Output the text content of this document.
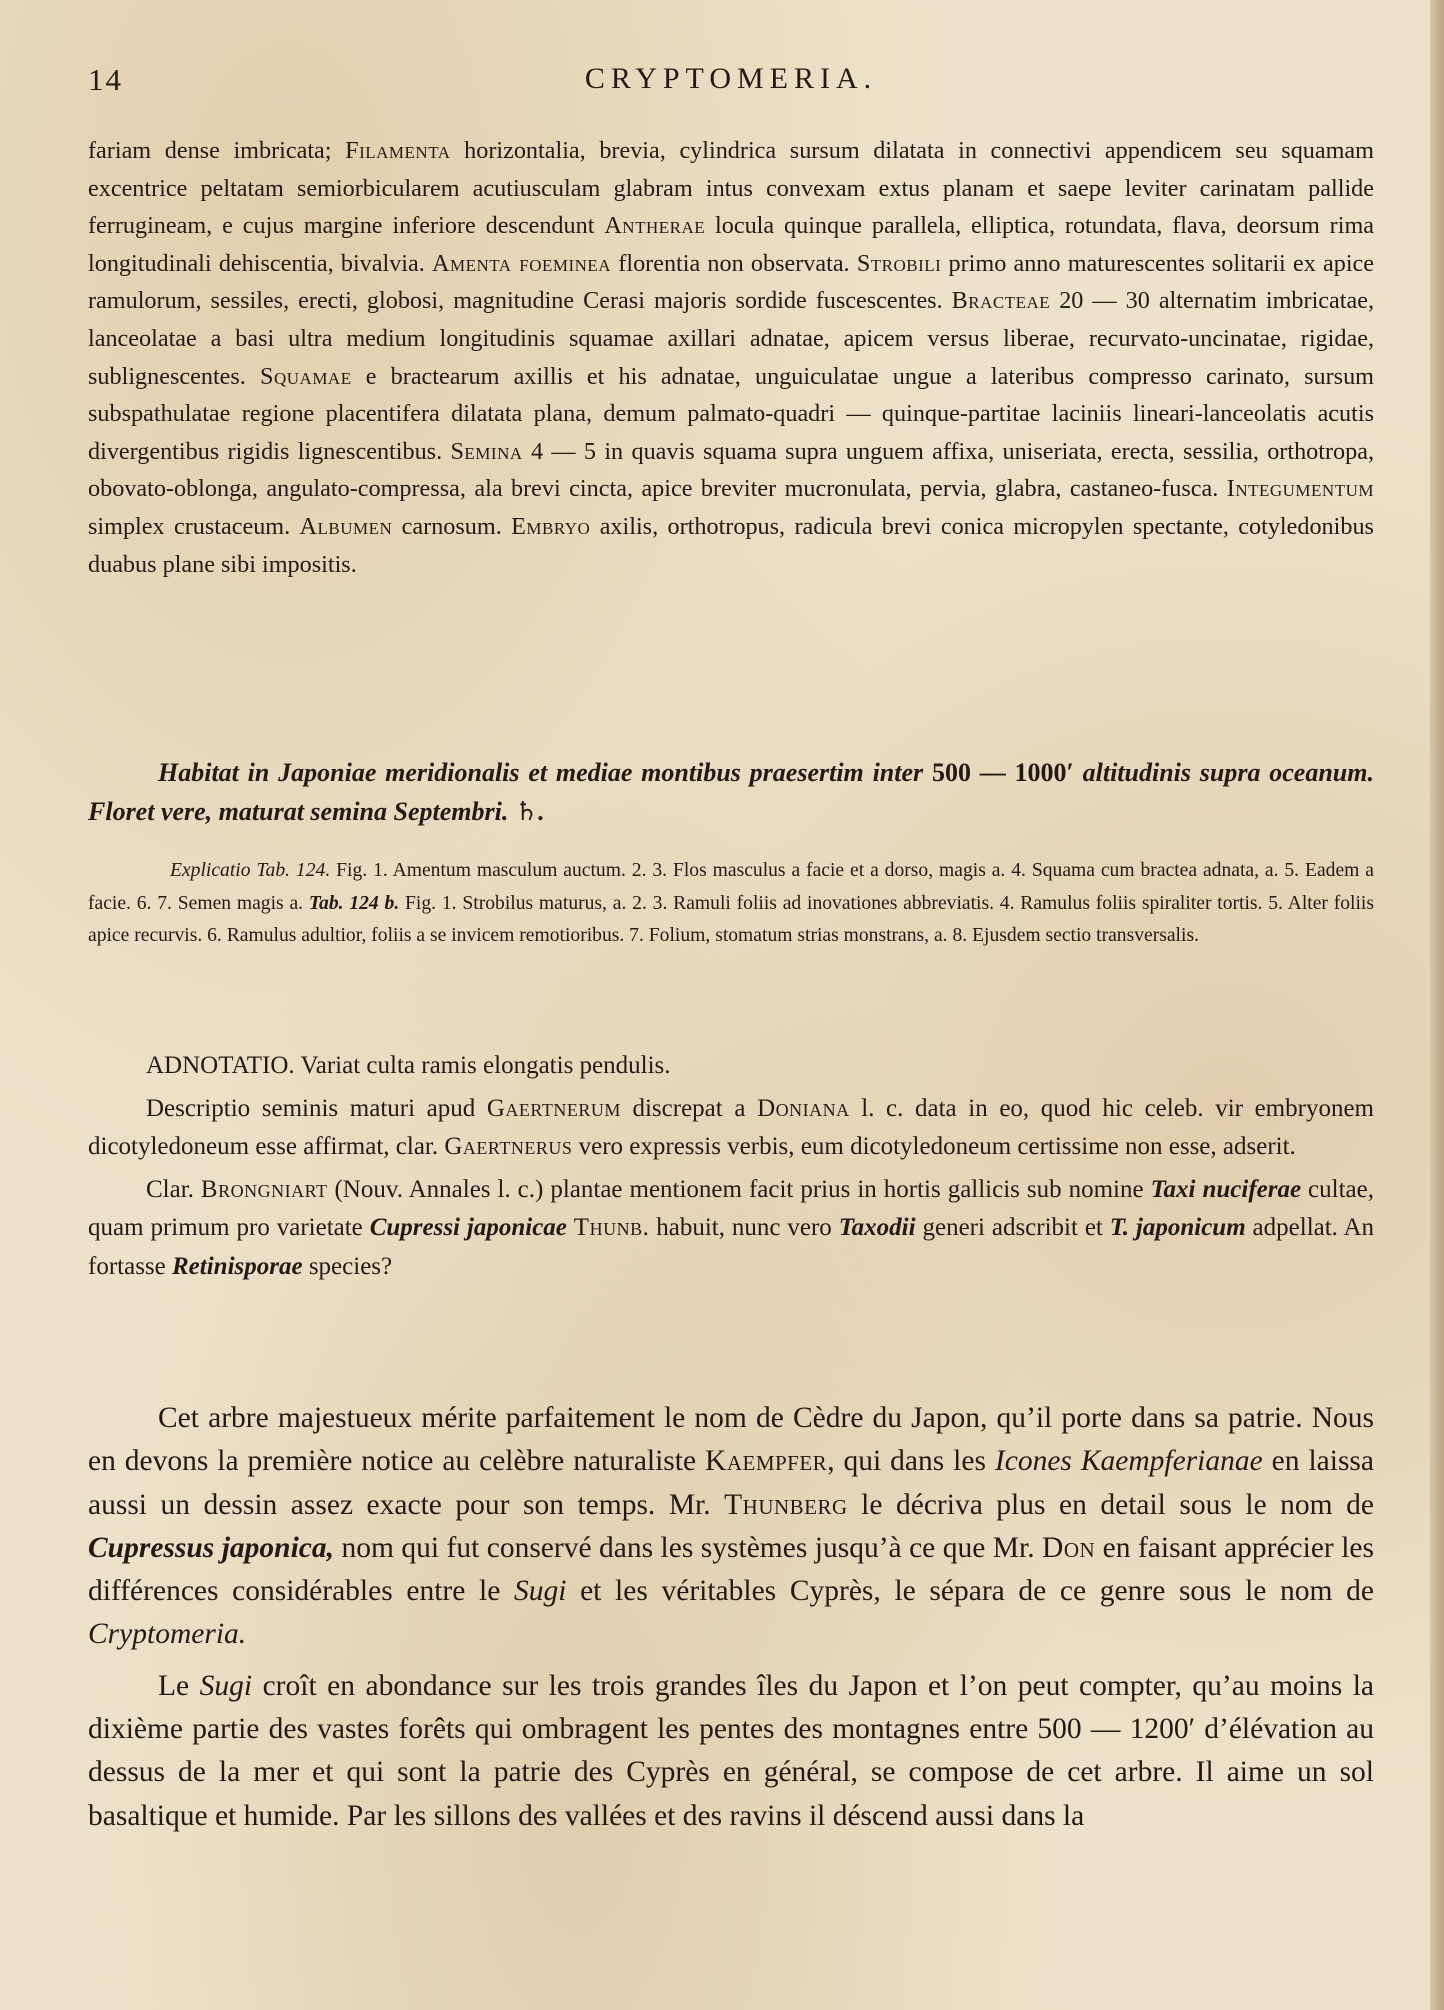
14	CRYPTOMERIA.
fariam dense imbricata; Filamenta horizontalia, brevia, cylindrica sursum dilatata in connectivi appendicem seu squamam excentrice peltatam semiorbicularem acutiusculam glabram intus convexam extus planam et saepe leviter carinatam pallide ferrugineam, e cujus margine inferiore descendunt Antherae locula quinque parallela, elliptica, rotundata, flava, deorsum rima longitudinali dehiscentia, bivalvia. Amenta foeminea florentia non observata. Strobili primo anno maturescentes solitarii ex apice ramulorum, sessiles, erecti, globosi, magnitudine Cerasi majoris sordide fuscescentes. Bracteae 20 — 30 alternatim imbricatae, lanceolatae a basi ultra medium longitudinis squamae axillari adnatae, apicem versus liberae, recurvato-uncinatae, rigidae, sublignescentes. Squamae e bractearum axillis et his adnatae, unguiculatae ungue a lateribus compresso carinato, sursum subspathulatae regione placentifera dilatata plana, demum palmato-quadri — quinque-partitae laciniis lineari-lanceolatis acutis divergentibus rigidis lignescentibus. Semina 4 — 5 in quavis squama supra unguem affixa, uniseriata, erecta, sessilia, orthotropa, obovato-oblonga, angulato-compressa, ala brevi cincta, apice breviter mucronulata, pervia, glabra, castaneo-fusca. Integumentum simplex crustaceum. Albumen carnosum. Embryo axilis, orthotropus, radicula brevi conica micropylen spectante, cotyledonibus duabus plane sibi impositis.
Habitat in Japoniae meridionalis et mediae montibus praesertim inter 500 — 1000′ altitudinis supra oceanum. Floret vere, maturat semina Septembri. ♄.
Explicatio Tab. 124. Fig. 1. Amentum masculum auctum. 2. 3. Flos masculus a facie et a dorso, magis a. 4. Squama cum bractea adnata, a. 5. Eadem a facie. 6. 7. Semen magis a. Tab. 124 b. Fig. 1. Strobilus maturus, a. 2. 3. Ramuli foliis ad inovationes abbreviatis. 4. Ramulus foliis spiraliter tortis. 5. Alter foliis apice recurvis. 6. Ramulus adultior, foliis a se invicem remotioribus. 7. Folium, stomatum strias monstrans, a. 8. Ejusdem sectio transversalis.

ADNOTATIO. Variat culta ramis elongatis pendulis.

Descriptio seminis maturi apud Gaertnerum discrepat a Doniana l. c. data in eo, quod hic celeb. vir embryonem dicotyledoneum esse affirmat, clar. Gaertnerus vero expressis verbis, eum dicotyledoneum certissime non esse, adserit.

Clar. Brongniart (Nouv. Annales l. c.) plantae mentionem facit prius in hortis gallicis sub nomine Taxi nuciferae cultae, quam primum pro varietate Cupressi japonicae Thunb. habuit, nunc vero Taxodii generi adscribit et T. japonicum adpellat. An fortasse Retinisporae species?

Cet arbre majestueux mérite parfaitement le nom de Cèdre du Japon, qu’il porte dans sa patrie. Nous en devons la première notice au celèbre naturaliste Kaempfer, qui dans les Icones Kaempferianae en laissa aussi un dessin assez exacte pour son temps. Mr. Thunberg le décriva plus en detail sous le nom de Cupressus japonica, nom qui fut conservé dans les systèmes jusqu’à ce que Mr. Don en faisant apprécier les différences considérables entre le Sugi et les véritables Cyprès, le sépara de ce genre sous le nom de Cryptomeria.

Le Sugi croît en abondance sur les trois grandes îles du Japon et l’on peut compter, qu’au moins la dixième partie des vastes forêts qui ombragent les pentes des montagnes entre 500 — 1200′ d’élévation au dessus de la mer et qui sont la patrie des Cyprès en général, se compose de cet arbre. Il aime un sol basaltique et humide. Par les sillons des vallées et des ravins il déscend aussi dans la
